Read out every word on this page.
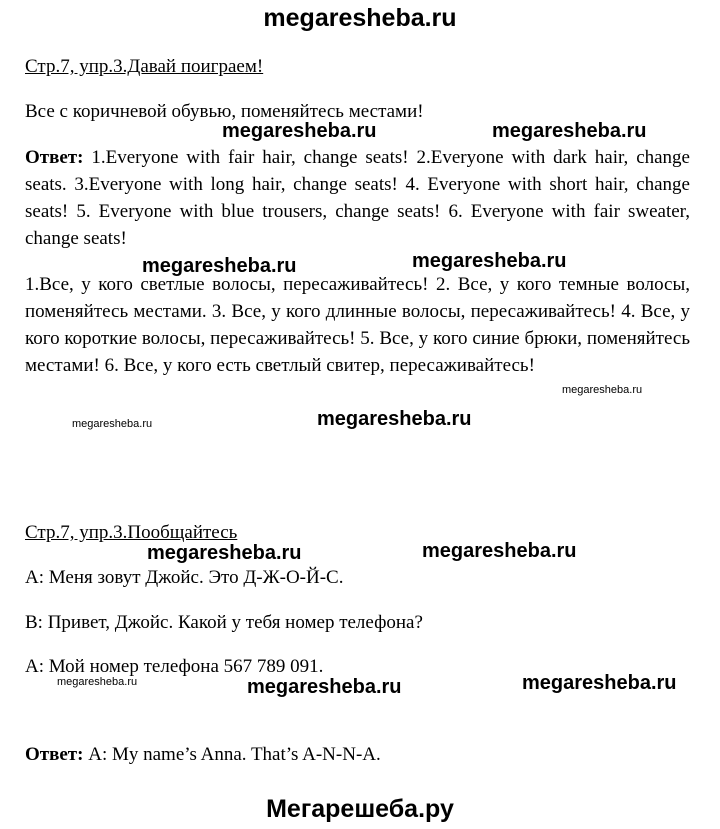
megaresheba.ru
Стр.7, упр.3.Давай поиграем!
Все с коричневой обувью, поменяйтесь местами!
Ответ: 1.Everyone with fair hair, change seats! 2.Everyone with dark hair, change seats. 3.Everyone with long hair, change seats! 4. Everyone with short hair, change seats! 5. Everyone with blue trousers, change seats! 6. Everyone with fair sweater, change seats!
1.Все, у кого светлые волосы, пересаживайтесь! 2. Все, у кого темные волосы, поменяйтесь местами. 3. Все, у кого длинные волосы, пересаживайтесь! 4. Все, у кого короткие волосы, пересаживайтесь! 5. Все, у кого синие брюки, поменяйтесь местами! 6. Все, у кого есть светлый свитер, пересаживайтесь!
Стр.7, упр.3.Пообщайтесь
A: Меня зовут Джойс. Это Д-Ж-О-Й-С.
B: Привет, Джойс. Какой у тебя номер телефона?
A: Мой номер телефона 567 789 091.
Ответ: A: My name’s Anna. That’s A-N-N-A.
megaresheba.ru	megaresheba.ru
megaresheba.ru	megaresheba.ru
megaresheba.ru
megaresheba.ru	megaresheba.ru
megaresheba.ru	megaresheba.ru
megaresheba.ru	megaresheba.ru	megaresheba.ru
Мегарешеба.ру
